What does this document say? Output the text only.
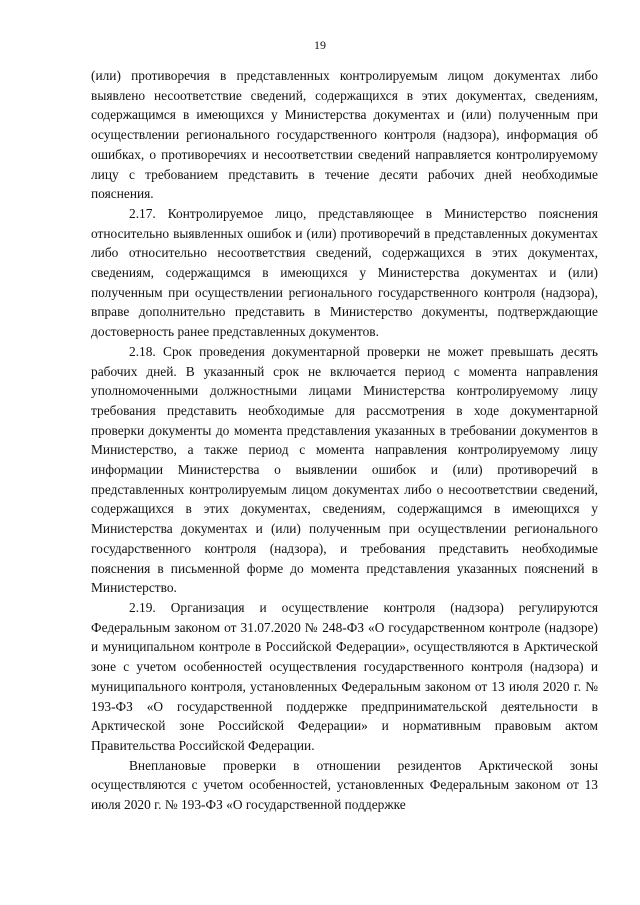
19

(или) противоречия в представленных контролируемым лицом документах либо выявлено несоответствие сведений, содержащихся в этих документах, сведениям, содержащимся в имеющихся у Министерства документах и (или) полученным при осуществлении регионального государственного контроля (надзора), информация об ошибках, о противоречиях и несоответствии сведений направляется контролируемому лицу с требованием представить в течение десяти рабочих дней необходимые пояснения.

2.17. Контролируемое лицо, представляющее в Министерство пояснения относительно выявленных ошибок и (или) противоречий в представленных документах либо относительно несоответствия сведений, содержащихся в этих документах, сведениям, содержащимся в имеющихся у Министерства документах и (или) полученным при осуществлении регионального государственного контроля (надзора), вправе дополнительно представить в Министерство документы, подтверждающие достоверность ранее представленных документов.

2.18. Срок проведения документарной проверки не может превышать десять рабочих дней. В указанный срок не включается период с момента направления уполномоченными должностными лицами Министерства контролируемому лицу требования представить необходимые для рассмотрения в ходе документарной проверки документы до момента представления указанных в требовании документов в Министерство, а также период с момента направления контролируемому лицу информации Министерства о выявлении ошибок и (или) противоречий в представленных контролируемым лицом документах либо о несоответствии сведений, содержащихся в этих документах, сведениям, содержащимся в имеющихся у Министерства документах и (или) полученным при осуществлении регионального государственного контроля (надзора), и требования представить необходимые пояснения в письменной форме до момента представления указанных пояснений в Министерство.

2.19. Организация и осуществление контроля (надзора) регулируются Федеральным законом от 31.07.2020 № 248-ФЗ «О государственном контроле (надзоре) и муниципальном контроле в Российской Федерации», осуществляются в Арктической зоне с учетом особенностей осуществления государственного контроля (надзора) и муниципального контроля, установленных Федеральным законом от 13 июля 2020 г. № 193-ФЗ «О государственной поддержке предпринимательской деятельности в Арктической зоне Российской Федерации» и нормативным правовым актом Правительства Российской Федерации.

Внеплановые проверки в отношении резидентов Арктической зоны осуществляются с учетом особенностей, установленных Федеральным законом от 13 июля 2020 г. № 193-ФЗ «О государственной поддержке
